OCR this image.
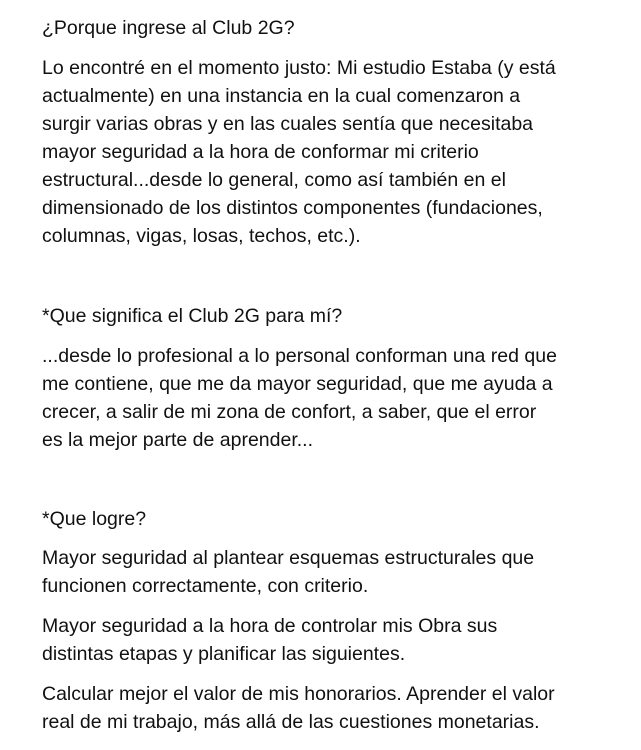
¿Porque ingrese al Club 2G?

Lo encontré en el momento justo: Mi estudio Estaba (y está
actualmente) en una instancia en la cual comenzaron a
surgir varias obras y en las cuales sentía que necesitaba
mayor seguridad a la hora de conformar mi criterio
estructural...desde lo general, como así también en el
dimensionado de los distintos componentes (fundaciones,
columnas, vigas, losas, techos, etc.).

*Que significa el Club 2G para mí?

...desde lo profesional a lo personal conforman una red que
me contiene, que me da mayor seguridad, que me ayuda a
crecer, a salir de mi zona de confort, a saber, que el error
es la mejor parte de aprender...

*Que logre?

Mayor seguridad al plantear esquemas estructurales que
funcionen correctamente, con criterio.
Mayor seguridad a la hora de controlar mis Obra sus
distintas etapas y planificar las siguientes.
Calcular mejor el valor de mis honorarios. Aprender el valor
real de mi trabajo, más allá de las cuestiones monetarias.
